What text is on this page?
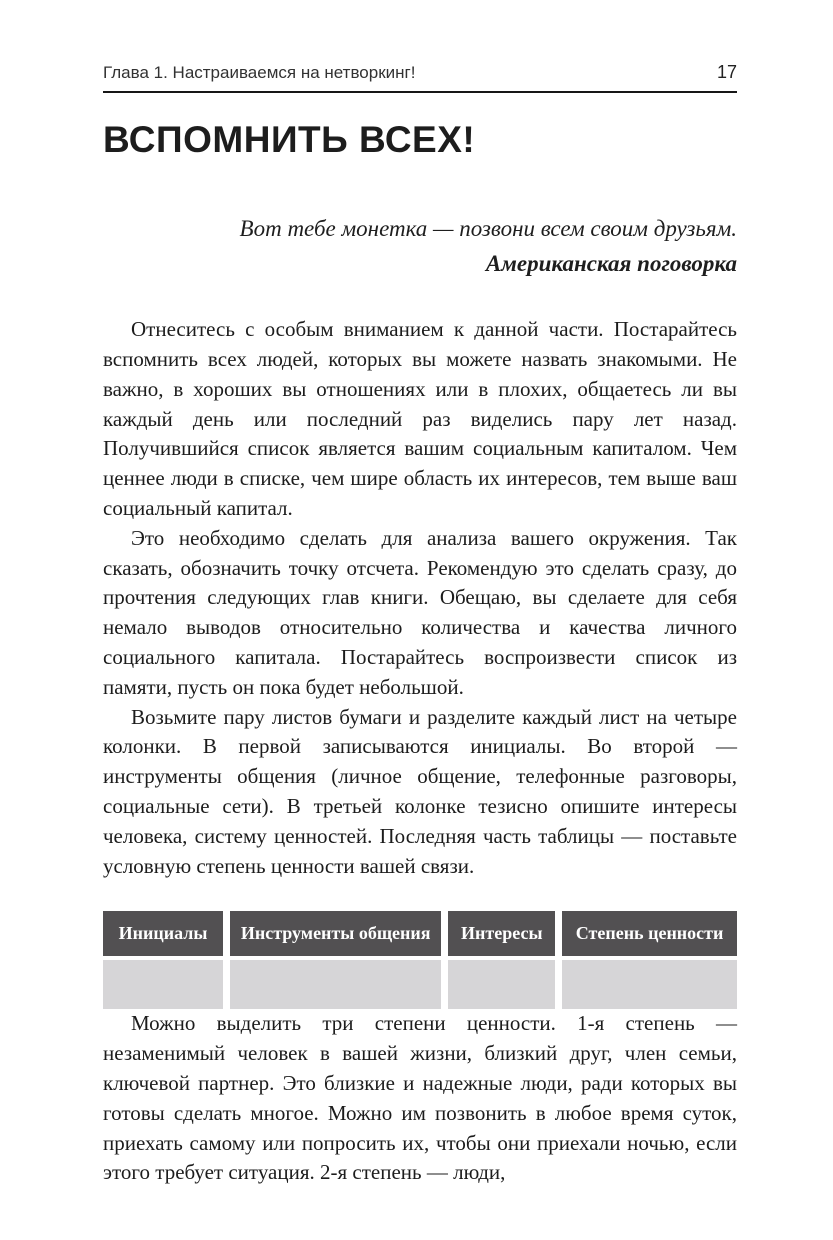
Глава 1. Настраиваемся на нетворкинг!	17
ВСПОМНИТЬ ВСЕХ!
Вот тебе монетка — позвони всем своим друзьям.
Американская поговорка

Отнеситесь с особым вниманием к данной части. Постарайтесь вспомнить всех людей, которых вы можете назвать знакомыми. Не важно, в хороших вы отношениях или в плохих, общаетесь ли вы каждый день или последний раз виделись пару лет назад. Получившийся список является вашим социальным капиталом. Чем ценнее люди в списке, чем шире область их интересов, тем выше ваш социальный капитал.

Это необходимо сделать для анализа вашего окружения. Так сказать, обозначить точку отсчета. Рекомендую это сделать сразу, до прочтения следующих глав книги. Обещаю, вы сделаете для себя немало выводов относительно количества и качества личного социального капитала. Постарайтесь воспроизвести список из памяти, пусть он пока будет небольшой.

Возьмите пару листов бумаги и разделите каждый лист на четыре колонки. В первой записываются инициалы. Во второй — инструменты общения (личное общение, телефонные разговоры, социальные сети). В третьей колонке тезисно опишите интересы человека, систему ценностей. Последняя часть таблицы — поставьте условную степень ценности вашей связи.

Инициалы	Инструменты общения	Интересы	Степень ценности

Можно выделить три степени ценности. 1-я степень — незаменимый человек в вашей жизни, близкий друг, член семьи, ключевой партнер. Это близкие и надежные люди, ради которых вы готовы сделать многое. Можно им позвонить в любое время суток, приехать самому или попросить их, чтобы они приехали ночью, если этого требует ситуация. 2-я степень — люди,
